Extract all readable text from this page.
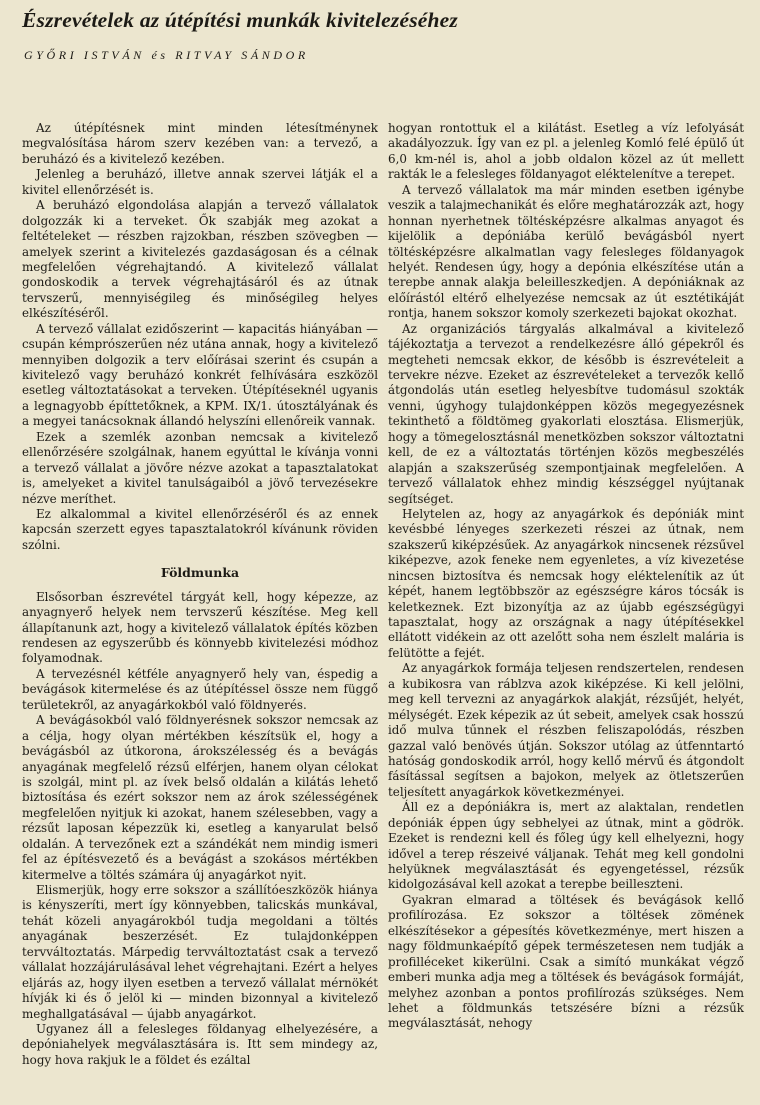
Észrevételek az útépítési munkák kivitelezéséhez
GYŐRI ISTVÁN és RITVAY SÁNDOR

Az útépítésnek mint minden létesítménynek megvalósítása három szerv kezében van: a tervező, a beruházó és a kivitelező kezében.

Jelenleg a beruházó, illetve annak szervei látják el a kivitel ellenőrzését is.

A beruházó elgondolása alapján a tervező vállalatok dolgozzák ki a terveket. Ők szabják meg azokat a feltételeket — részben rajzokban, részben szövegben — amelyek szerint a kivitelezés gazdaságosan és a célnak megfelelően végrehajtandó. A kivitelező vállalat gondoskodik a tervek végrehajtásáról és az útnak tervszerű, mennyiségileg és minőségileg helyes elkészítéséről.

A tervező vállalat ezidőszerint — kapacitás hiányában — csupán kémprószerűen néz utána annak, hogy a kivitelező mennyiben dolgozik a terv előírásai szerint és csupán a kivitelező vagy beruházó konkrét felhívására eszközöl esetleg változtatásokat a terveken. Útépítéseknél ugyanis a legnagyobb építtetőknek, a KPM. IX/1. útosztályának és a megyei tanácsoknak állandó helyszíni ellenőreik vannak.

Ezek a szemlék azonban nemcsak a kivitelező ellenőrzésére szolgálnak, hanem egyúttal le kívánja vonni a tervező vállalat a jövőre nézve azokat a tapasztalatokat is, amelyeket a kivitel tanulságaiból a jövő tervezésekre nézve meríthet.

Ez alkalommal a kivitel ellenőrzéséről és az ennek kapcsán szerzett egyes tapasztalatokról kívánunk röviden szólni.

Földmunka

Elsősorban észrevétel tárgyát kell, hogy képezze, az anyagnyerő helyek nem tervszerű készítése. Meg kell állapítanunk azt, hogy a kivitelező vállalatok építés közben rendesen az egyszerűbb és könnyebb kivitelezési módhoz folyamodnak.

A tervezésnél kétféle anyagnyerő hely van, éspedig a bevágások kitermelése és az útépítéssel össze nem függő területekről, az anyagárkokból való földnyerés.

A bevágásokból való földnyerésnek sokszor nemcsak az a célja, hogy olyan mértékben készítsük el, hogy a bevágásból az útkorona, árokszélesség és a bevágás anyagának megfelelő rézsű elférjen, hanem olyan célokat is szolgál, mint pl. az ívek belső oldalán a kilátás lehető biztosítása és ezért sokszor nem az árok szélességének megfelelően nyitjuk ki azokat, hanem szélesebben, vagy a rézsűt laposan képezzük ki, esetleg a kanyarulat belső oldalán. A tervezőnek ezt a szándékát nem mindig ismeri fel az építésvezető és a bevágást a szokásos mértékben kitermelve a töltés számára új anyagárkot nyit.

Elismerjük, hogy erre sokszor a szállítóeszközök hiánya is kényszeríti, mert így könnyebben, talicskás munkával, tehát közeli anyagárokból tudja megoldani a töltés anyagának beszerzését. Ez tulajdonképpen tervváltoztatás. Márpedig tervváltoztatást csak a tervező vállalat hozzájárulásával lehet végrehajtani. Ezért a helyes eljárás az, hogy ilyen esetben a tervező vállalat mérnökét hívják ki és ő jelöl ki — minden bizonnyal a kivitelező meghallgatásával — újabb anyagárkot.

Ugyanez áll a felesleges földanyag elhelyezésére, a depóniahelyek megválasztására is. Itt sem mindegy az, hogy hova rakjuk le a földet és ezáltal

hogyan rontottuk el a kilátást. Esetleg a víz lefolyását akadályozzuk. Így van ez pl. a jelenleg Komló felé épülő út 6,0 km-nél is, ahol a jobb oldalon közel az út mellett rakták le a felesleges földanyagot eléktelenítve a terepet.

A tervező vállalatok ma már minden esetben igénybe veszik a talajmechanikát és előre meghatározzák azt, hogy honnan nyerhetnek töltésképzésre alkalmas anyagot és kijelölik a depóniába kerülő bevágásból nyert töltésképzésre alkalmatlan vagy felesleges földanyagok helyét. Rendesen úgy, hogy a depónia elkészítése után a terepbe annak alakja beleilleszkedjen. A depóniáknak az előírástól eltérő elhelyezése nemcsak az út esztétikáját rontja, hanem sokszor komoly szerkezeti bajokat okozhat.

Az organizációs tárgyalás alkalmával a kivitelező tájékoztatja a tervezot a rendelkezésre álló gépekről és megteheti nemcsak ekkor, de később is észrevételeit a tervekre nézve. Ezeket az észrevételeket a tervezők kellő átgondolás után esetleg helyesbítve tudomásul szokták venni, úgyhogy tulajdonképpen közös megegyezésnek tekinthető a földtömeg gyakorlati elosztása. Elismerjük, hogy a tömegelosztásnál menetközben sokszor változtatni kell, de ez a változtatás történjen közös megbeszélés alapján a szakszerűség szempontjainak megfelelően. A tervező vállalatok ehhez mindig készséggel nyújtanak segítséget.

Helytelen az, hogy az anyagárkok és depóniák mint kevésbbé lényeges szerkezeti részei az útnak, nem szakszerű kiképzésűek. Az anyagárkok nincsenek rézsűvel kiképezve, azok feneke nem egyenletes, a víz kivezetése nincsen biztosítva és nemcsak hogy eléktelenítik az út képét, hanem legtöbbször az egészségre káros tócsák is keletkeznek. Ezt bizonyítja az az újabb egészségügyi tapasztalat, hogy az országnak a nagy útépítésekkel ellátott vidékein az ott azelőtt soha nem észlelt malária is felütötte a fejét.

Az anyagárkok formája teljesen rendszertelen, rendesen a kubikosra van ráblzva azok kiképzése. Ki kell jelölni, meg kell tervezni az anyagárkok alakját, rézsűjét, helyét, mélységét. Ezek képezik az út sebeit, amelyek csak hosszú idő mulva tűnnek el részben feliszapolódás, részben gazzal való benövés útján. Sokszor utólag az útfenntartó hatóság gondoskodik arról, hogy kellő mérvű és átgondolt fásítással segítsen a bajokon, melyek az ötletszerűen teljesített anyagárkok következményei.

Áll ez a depóniákra is, mert az alaktalan, rendetlen depóniák éppen úgy sebhelyei az útnak, mint a gödrök. Ezeket is rendezni kell és főleg úgy kell elhelyezni, hogy idővel a terep részeivé váljanak. Tehát meg kell gondolni helyüknek megválasztását és egyengetéssel, rézsűk kidolgozásával kell azokat a terepbe beilleszteni.

Gyakran elmarad a töltések és bevágások kellő profilírozása. Ez sokszor a töltések zömének elkészítésekor a gépesítés következménye, mert hiszen a nagy földmunkaépítő gépek természetesen nem tudják a profilléceket kikerülni. Csak a simító munkákat végző emberi munka adja meg a töltések és bevágások formáját, melyhez azonban a pontos profilírozás szükséges. Nem lehet a földmunkás tetszésére bízni a rézsűk megválasztását, nehogy
